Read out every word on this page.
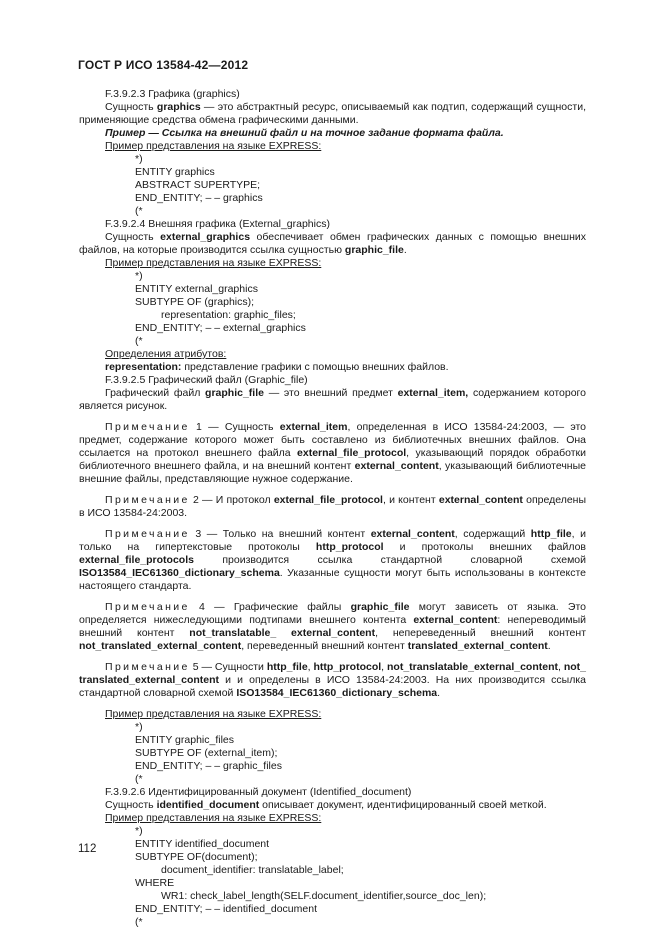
ГОСТ Р ИСО 13584-42—2012
F.3.9.2.3 Графика (graphics)
Сущность graphics — это абстрактный ресурс, описываемый как подтип, содержащий сущности, применяющие средства обмена графическими данными.
Пример — Ссылка на внешний файл и на точное задание формата файла.
Пример представления на языке EXPRESS:
*)
ENTITY graphics
ABSTRACT SUPERTYPE;
END_ENTITY; – – graphics
(*
F.3.9.2.4 Внешняя графика (External_graphics)
Сущность external_graphics обеспечивает обмен графических данных с помощью внешних файлов, на которые производится ссылка сущностью graphic_file.
Пример представления на языке EXPRESS:
*)
ENTITY external_graphics
SUBTYPE OF (graphics);
representation: graphic_files;
END_ENTITY; – – external_graphics
(*
Определения атрибутов:
representation: представление графики с помощью внешних файлов.
F.3.9.2.5 Графический файл (Graphic_file)
Графический файл graphic_file — это внешний предмет external_item, содержанием которого является рисунок.
Примечание 1 — Сущность external_item, определенная в ИСО 13584-24:2003, — это предмет, содержание которого может быть составлено из библиотечных внешних файлов. Она ссылается на протокол внешнего файла external_file_protocol, указывающий порядок обработки библиотечного внешнего файла, и на внешний контент external_content, указывающий библиотечные внешние файлы, представляющие нужное содержание.
Примечание 2 — И протокол external_file_protocol, и контент external_content определены в ИСО 13584-24:2003.
Примечание 3 — Только на внешний контент external_content, содержащий http_file, и только на гипертекстовые протоколы http_protocol и протоколы внешних файлов external_file_protocols производится ссылка стандартной словарной схемой ISO13584_IEC61360_dictionary_schema. Указанные сущности могут быть использованы в контексте настоящего стандарта.
Примечание 4 — Графические файлы graphic_file могут зависеть от языка. Это определяется нижеследующими подтипами внешнего контента external_content: непереводимый внешний контент not_translatable_ external_content, непереведенный внешний контент not_translated_external_content, переведенный внешний контент translated_external_content.
Примечание 5 — Сущности http_file, http_protocol, not_translatable_external_content, not_ translated_external_content и и определены в ИСО 13584-24:2003. На них производится ссылка стандартной словарной схемой ISO13584_IEC61360_dictionary_schema.
Пример представления на языке EXPRESS:
*)
ENTITY graphic_files
SUBTYPE OF (external_item);
END_ENTITY; – – graphic_files
(*
F.3.9.2.6 Идентифицированный документ (Identified_document)
Сущность identified_document описывает документ, идентифицированный своей меткой.
Пример представления на языке EXPRESS:
*)
ENTITY identified_document
SUBTYPE OF(document);
document_identifier: translatable_label;
WHERE
WR1: check_label_length(SELF.document_identifier,source_doc_len);
END_ENTITY; – – identified_document
(*
112
